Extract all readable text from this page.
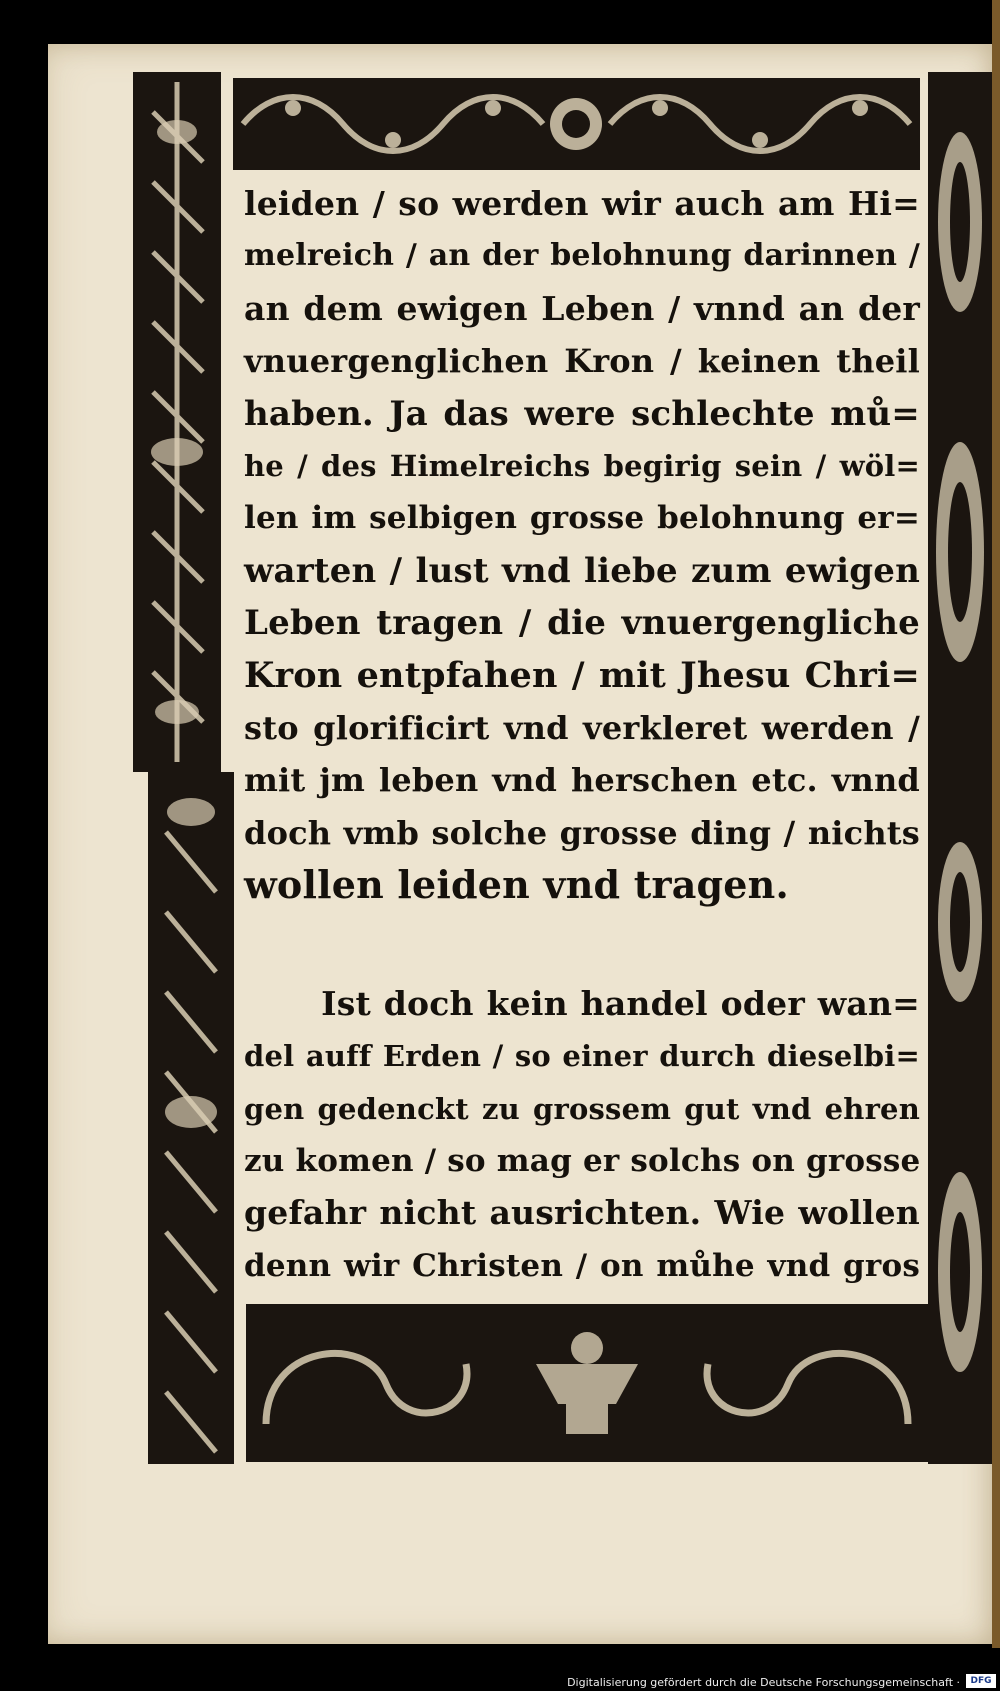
leiden / so werden wir auch am Hi=
melreich / an der belohnung darinnen /
an dem ewigen Leben / vnnd an der
vnuergenglichen Kron / keinen theil
haben. Ja das were schlechte mů=
he / des Himelreichs begirig sein / wöl=
len im selbigen grosse belohnung er=
warten / lust vnd liebe zum ewigen
Leben tragen / die vnuergengliche
Kron entpfahen / mit Jhesu Chri=
sto glorificirt vnd verkleret werden /
mit jm leben vnd herschen etc. vnnd
doch vmb solche grosse ding / nichts
wollen leiden vnd tragen.
Ist doch kein handel oder wan=
del auff Erden / so einer durch dieselbi=
gen gedenckt zu grossem gut vnd ehren
zu komen / so mag er solchs on grosse
gefahr nicht ausrichten. Wie wollen
denn wir Christen / on můhe vnd gros
Digitalisierung gefördert durch die Deutsche Forschungsgemeinschaft ·	DFG
